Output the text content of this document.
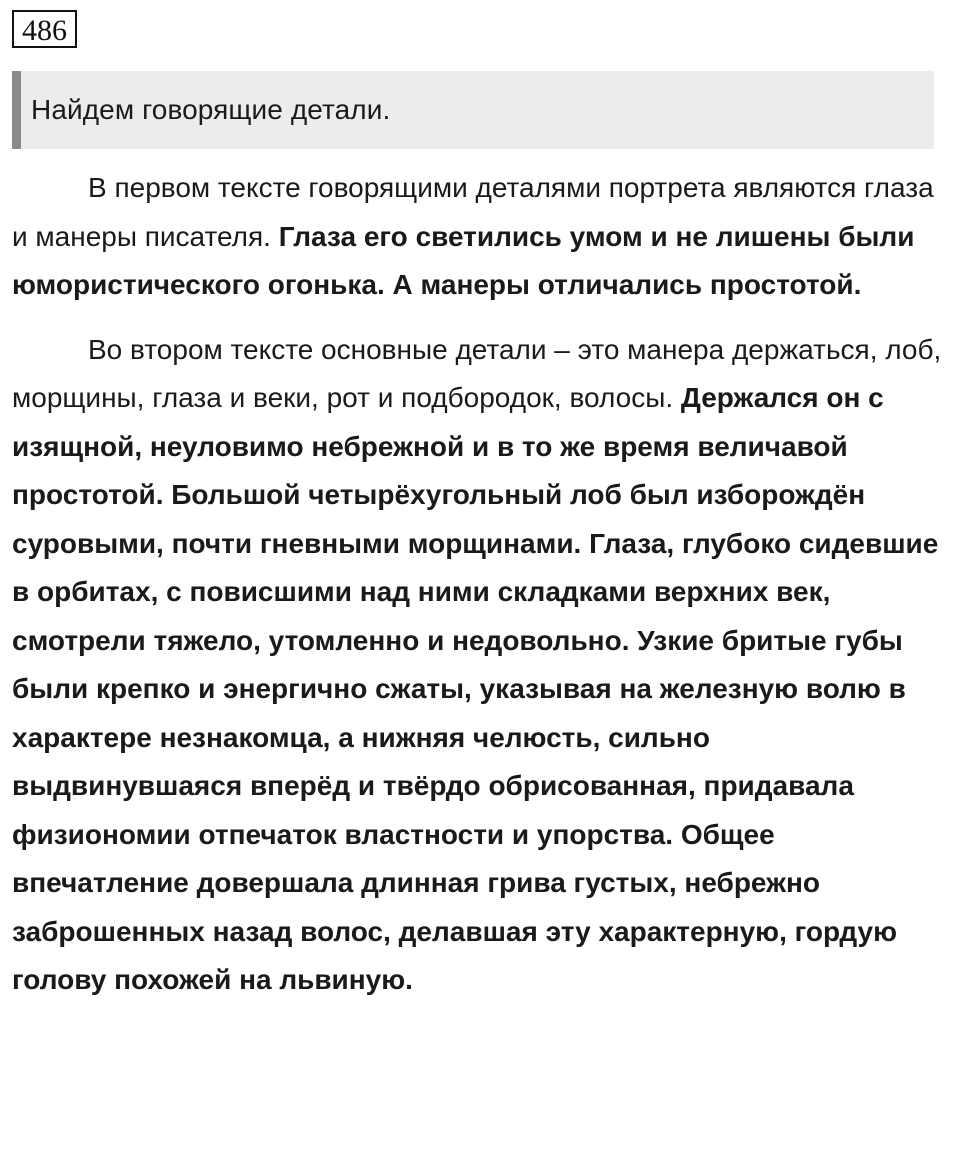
486
Найдем говорящие детали.

В первом тексте говорящими деталями портрета являются глаза и манеры писателя. Глаза его светились умом и не лишены были юмористического огонька. А манеры отличались простотой.

Во втором тексте основные детали – это манера держаться, лоб, морщины, глаза и веки, рот и подбородок, волосы. Держался он с изящной, неуловимо небрежной и в то же время величавой простотой. Большой четырёхугольный лоб был изборождён суровыми, почти гневными морщинами. Глаза, глубоко сидевшие в орбитах, с повисшими над ними складками верхних век, смотрели тяжело, утомленно и недовольно. Узкие бритые губы были крепко и энергично сжаты, указывая на железную волю в характере незнакомца, а нижняя челюсть, сильно выдвинувшаяся вперёд и твёрдо обрисованная, придавала физиономии отпечаток властности и упорства. Общее впечатление довершала длинная грива густых, небрежно заброшенных назад волос, делавшая эту характерную, гордую голову похожей на львиную.
